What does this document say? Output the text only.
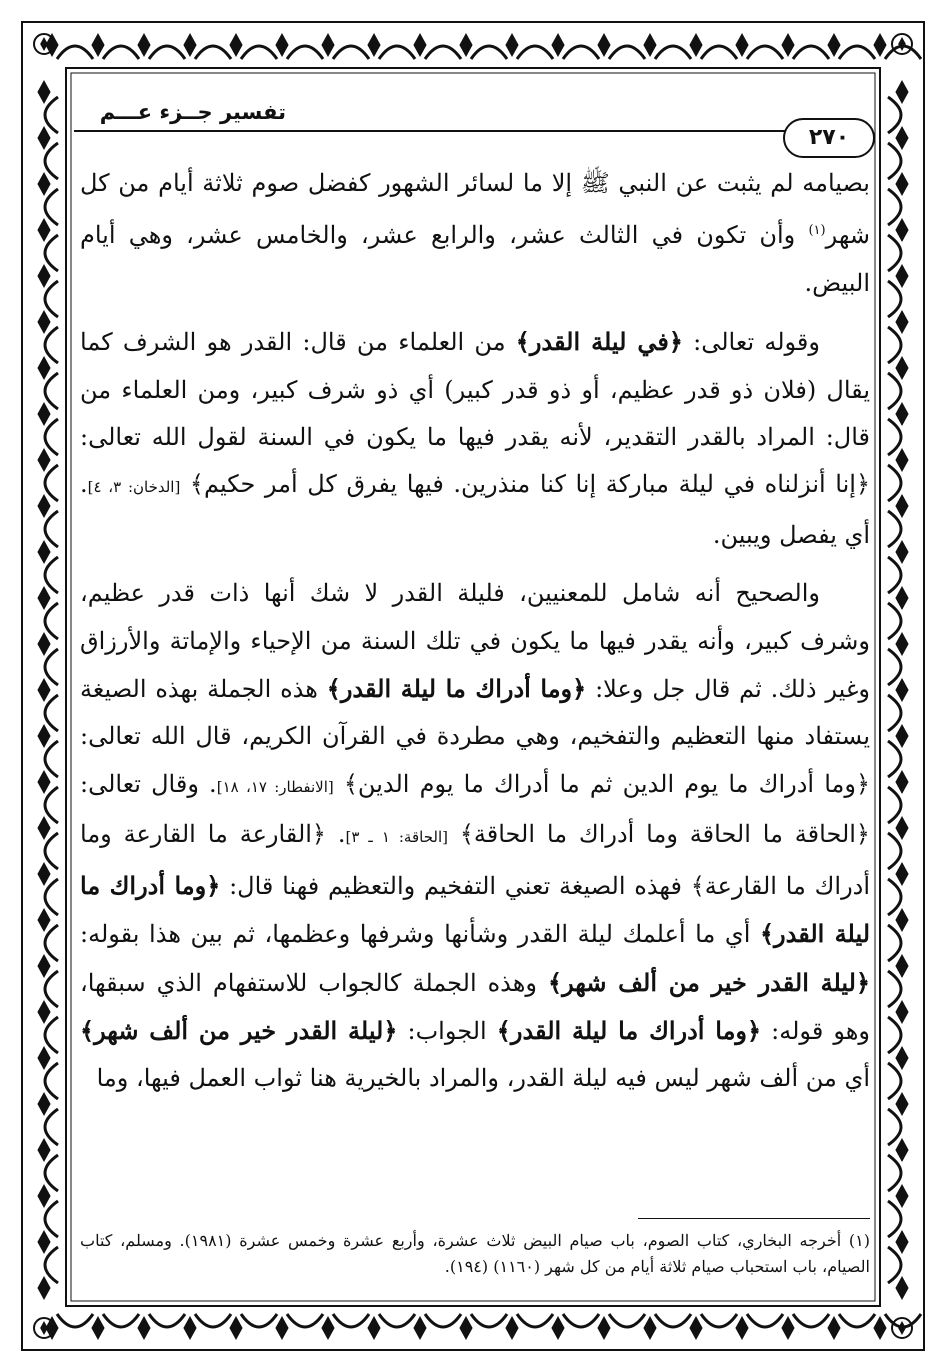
تفسير جــزء عـــم
٢٧٠

بصيامه لم يثبت عن النبي ﷺ إلا ما لسائر الشهور كفضل صوم ثلاثة أيام من كل شهر$^{(١)}$ وأن تكون في الثالث عشر، والرابع عشر، والخامس عشر، وهي أيام البيض.

وقوله تعالى: ﴿في ليلة القدر﴾ من العلماء من قال: القدر هو الشرف كما يقال (فلان ذو قدر عظيم، أو ذو قدر كبير) أي ذو شرف كبير، ومن العلماء من قال: المراد بالقدر التقدير، لأنه يقدر فيها ما يكون في السنة لقول الله تعالى: ﴿إنا أنزلناه في ليلة مباركة إنا كنا منذرين. فيها يفرق كل أمر حكيم﴾ [الدخان: ٣، ٤]. أي يفصل ويبين.

والصحيح أنه شامل للمعنيين، فليلة القدر لا شك أنها ذات قدر عظيم، وشرف كبير، وأنه يقدر فيها ما يكون في تلك السنة من الإحياء والإماتة والأرزاق وغير ذلك. ثم قال جل وعلا: ﴿وما أدراك ما ليلة القدر﴾ هذه الجملة بهذه الصيغة يستفاد منها التعظيم والتفخيم، وهي مطردة في القرآن الكريم، قال الله تعالى: ﴿وما أدراك ما يوم الدين ثم ما أدراك ما يوم الدين﴾ [الانفطار: ١٧، ١٨]. وقال تعالى: ﴿الحاقة ما الحاقة وما أدراك ما الحاقة﴾ [الحاقة: ١ ـ ٣]. ﴿القارعة ما القارعة وما أدراك ما القارعة﴾ فهذه الصيغة تعني التفخيم والتعظيم فهنا قال: ﴿وما أدراك ما ليلة القدر﴾ أي ما أعلمك ليلة القدر وشأنها وشرفها وعظمها، ثم بين هذا بقوله: ﴿ليلة القدر خير من ألف شهر﴾ وهذه الجملة كالجواب للاستفهام الذي سبقها، وهو قوله: ﴿وما أدراك ما ليلة القدر﴾ الجواب: ﴿ليلة القدر خير من ألف شهر﴾ أي من ألف شهر ليس فيه ليلة القدر، والمراد بالخيرية هنا ثواب العمل فيها، وما

(١) أخرجه البخاري، كتاب الصوم، باب صيام البيض ثلاث عشرة، وأربع عشرة وخمس عشرة (١٩٨١). ومسلم، كتاب الصيام، باب استحباب صيام ثلاثة أيام من كل شهر (١١٦٠) (١٩٤).
